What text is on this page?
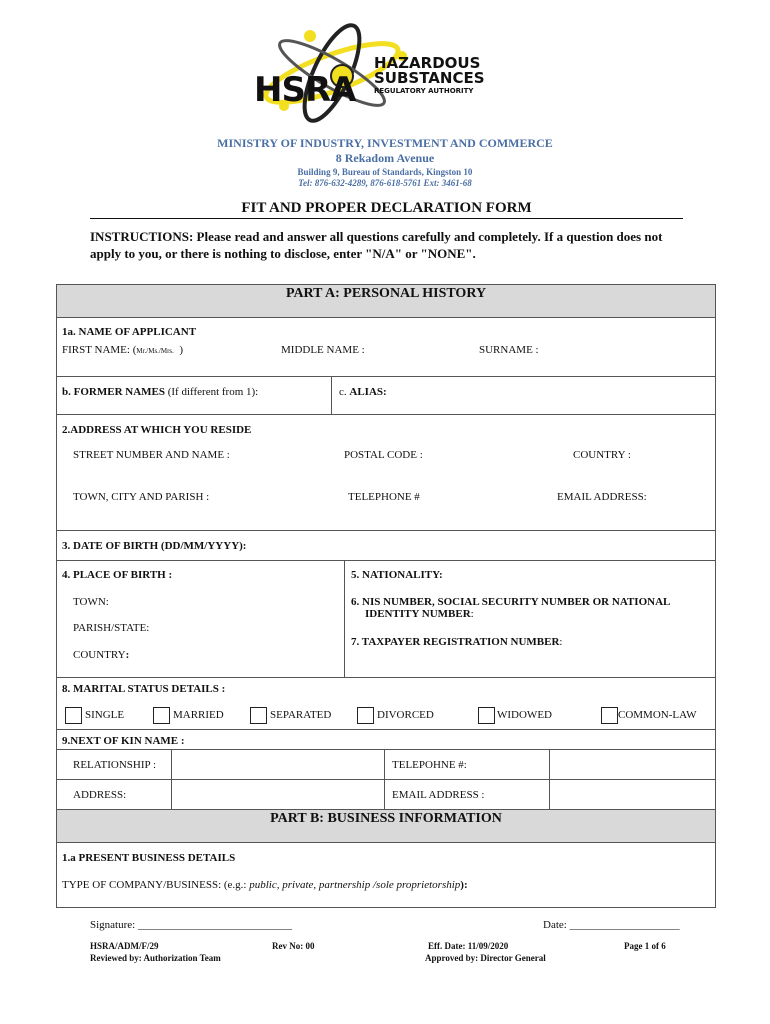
HSRA
HAZARDOUS
SUBSTANCES
REGULATORY AUTHORITY
MINISTRY OF INDUSTRY, INVESTMENT AND COMMERCE
8 Rekadom Avenue
Building 9, Bureau of Standards, Kingston 10
Tel: 876-632-4289, 876-618-5761 Ext: 3461-68
FIT AND PROPER DECLARATION FORM
INSTRUCTIONS: Please read and answer all questions carefully and completely. If a question does not apply to you, or there is nothing to disclose, enter "N/A" or "NONE".
PART A: PERSONAL HISTORY
1a. NAME OF APPLICANT
FIRST NAME: (Mr./Ms./Mrs. )	MIDDLE NAME :	SURNAME :
b. FORMER NAMES (If different from 1):	c. ALIAS:
2.ADDRESS AT WHICH YOU RESIDE
STREET NUMBER AND NAME :	POSTAL CODE :	COUNTRY :
TOWN, CITY AND PARISH :	TELEPHONE #	EMAIL ADDRESS:
3. DATE OF BIRTH (DD/MM/YYYY):
4. PLACE OF BIRTH :	5. NATIONALITY:
TOWN:	6. NIS NUMBER, SOCIAL SECURITY NUMBER OR NATIONAL
IDENTITY NUMBER:
PARISH/STATE:
7. TAXPAYER REGISTRATION NUMBER:
COUNTRY:
8. MARITAL STATUS DETAILS :
SINGLE	MARRIED	SEPARATED	DIVORCED	WIDOWED	COMMON-LAW
9.NEXT OF KIN NAME :
RELATIONSHIP :	TELEPOHNE #:
ADDRESS:	EMAIL ADDRESS :
PART B: BUSINESS INFORMATION
1.a PRESENT BUSINESS DETAILS
TYPE OF COMPANY/BUSINESS: (e.g.: public, private, partnership /sole proprietorship):
Signature: ____________________________	Date: ____________________
HSRA/ADM/F/29
Reviewed by: Authorization Team
Rev No: 00	Eff. Date: 11/09/2020
Approved by: Director General
Page 1 of 6
